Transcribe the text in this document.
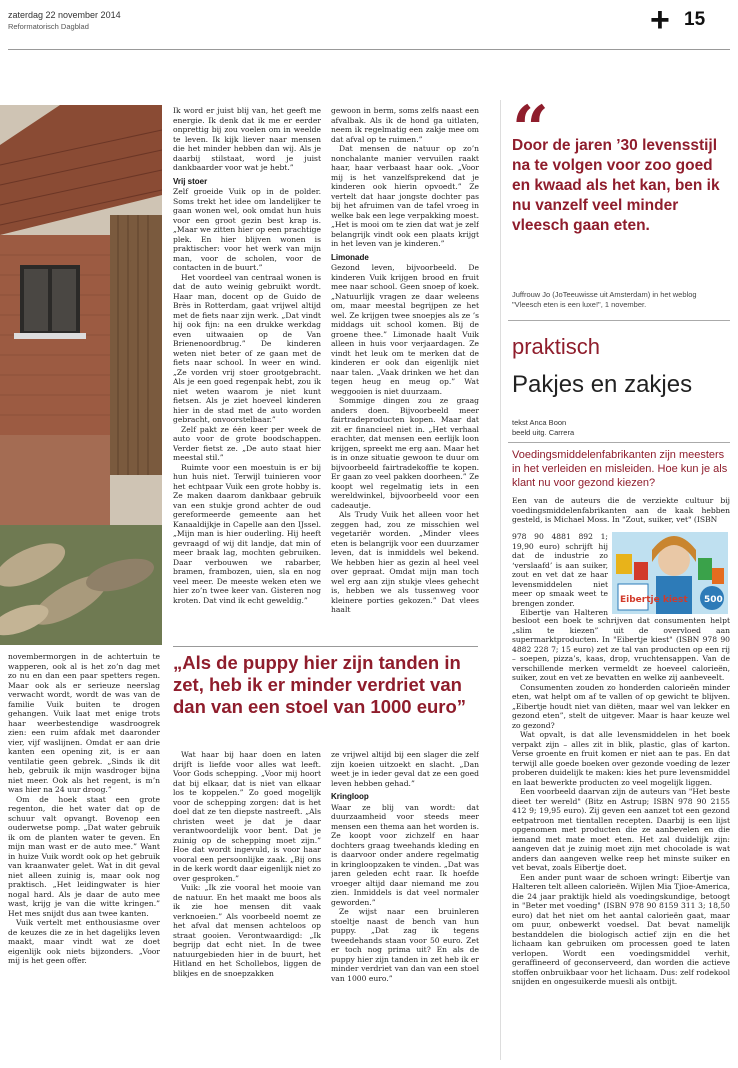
zaterdag 22 november 2014
Reformatorisch Dagblad	+ 15

novembermorgen in de achtertuin te wapperen, ook al is het zo’n dag met zo nu en dan een paar spetters regen. Maar ook als er serieuze neerslag verwacht wordt, wordt de was van de familie Vuik buiten te drogen gehangen. Vuik laat met enige trots haar weerbestendige wasdroogrek zien: een ruim afdak met daaronder vier, vijf waslijnen. Omdat er aan drie kanten een opening zit, is er aan ventilatie geen gebrek. „Sinds ik dit heb, gebruik ik mijn wasdroger bijna niet meer. Ook als het regent, is m’n was hier na 24 uur droog.”

Om de hoek staat een grote regenton, die het water dat op de schuur valt opvangt. Bovenop een ouderwetse pomp. „Dat water gebruik ik om de planten water te geven. En mijn man wast er de auto mee.” Want in huize Vuik wordt ook op het gebruik van kraanwater gelet. Wat in dit geval niet alleen zuinig is, maar ook nog praktisch. „Het leidingwater is hier nogal hard. Als je daar de auto mee wast, krijg je van die witte kringen.” Het mes snijdt dus aan twee kanten.

Vuik vertelt met enthousiasme over de keuzes die ze in het dagelijks leven maakt, maar vindt wat ze doet eigenlijk ook niets bijzonders. „Voor mij is het geen offer.

Ik word er juist blij van, het geeft me energie. Ik denk dat ik me er eerder onprettig bij zou voelen om in weelde te leven. Ik kijk liever naar mensen die het minder hebben dan wij. Als je daarbij stilstaat, word je juist dankbaarder voor wat je hebt.”

Vrij stoer

Zelf groeide Vuik op in de polder. Soms trekt het idee om landelijker te gaan wonen wel, ook omdat hun huis voor een groot gezin best krap is. „Maar we zitten hier op een prachtige plek. En hier blijven wonen is praktischer: voor het werk van mijn man, voor de scholen, voor de contacten in de buurt.”

Het voordeel van centraal wonen is dat de auto weinig gebruikt wordt. Haar man, docent op de Guido de Brès in Rotterdam, gaat vrijwel altijd met de fiets naar zijn werk. „Dat vindt hij ook fijn: na een drukke werkdag even uitwaaien op de Van Brienenoordbrug.” De kinderen weten niet beter of ze gaan met de fiets naar school. In weer en wind. „Ze vorden vrij stoer grootgebracht. Als je een goed regenpak hebt, zou ik niet weten waarom je niet kunt fietsen. Als je ziet hoeveel kinderen hier in de stad met de auto worden gebracht, onvoorstelbaar.”

Zelf pakt ze één keer per week de auto voor de grote boodschappen. Verder fietst ze. „De auto staat hier meestal stil.”

Ruimte voor een moestuin is er bij hun huis niet. Terwijl tuinieren voor het echtpaar Vuik een grote hobby is. Ze maken daarom dankbaar gebruik van een stukje grond achter de oud gereformeerde gemeente aan het Kanaaldijkje in Capelle aan den IJssel. „Mijn man is hier ouderling. Hij heeft gevraagd of wij dit landje, dat min of meer braak lag, mochten gebruiken. Daar verbouwen we rabarber, bramen, frambozen, uien, sla en nog veel meer. De meeste weken eten we hier zo’n twee keer van. Gisteren nog kroten. Dat vind ik echt geweldig.”

gewoon in berm, soms zelfs naast een afvalbak. Als ik de hond ga uitlaten, neem ik regelmatig een zakje mee om dat afval op te ruimen.”

Dat mensen de natuur op zo’n nonchalante manier vervuilen raakt haar, haar verbaast haar ook. „Voor mij is het vanzelfsprekend dat je kinderen ook hierin opvoedt.” Ze vertelt dat haar jongste dochter pas bij het afruimen van de tafel vroeg in welke bak een lege verpakking moest. „Het is mooi om te zien dat wat je zelf belangrijk vindt ook een plaats krijgt in het leven van je kinderen.”

Limonade

Gezond leven, bijvoorbeeld. De kinderen Vuik krijgen brood en fruit mee naar school. Geen snoep of koek. „Natuurlijk vragen ze daar weleens om, maar meestal begrijpen ze het wel. Ze krijgen twee snoepjes als ze ’s middags uit school komen. Bij de groene thee.” Limonade haalt Vuik alleen in huis voor verjaardagen. Ze vindt het leuk om te merken dat de kinderen er ook dan eigenlijk niet naar talen. „Vaak drinken we het dan tegen heug en meug op.” Wat weggooien is niet duurzaam.

Sommige dingen zou ze graag anders doen. Bijvoorbeeld meer fairtradeproducten kopen. Maar dat zit er financieel niet in. „Het verhaal erachter, dat mensen een eerlijk loon krijgen, spreekt me erg aan. Maar het is in onze situatie gewoon te duur om bijvoorbeeld fairtradekoffie te kopen. Er gaan zo veel pakken doorheen.” Ze koopt wel regelmatig iets in een wereldwinkel, bijvoorbeeld voor een cadeautje.

Als Trudy Vuik het alleen voor het zeggen had, zou ze misschien wel vegetariër worden. „Minder vlees eten is belangrijk voor een duurzamer leven, dat is inmiddels wel bekend. We hebben hier as gezin al heel veel over gepraat. Omdat mijn man toch wel erg aan zijn stukje vlees gehecht is, hebben we als tussenweg voor kleinere porties gekozen.” Dat vlees haalt

„Als de puppy hier zijn tanden in zet, heb ik er minder verdriet van dan van een stoel van 1000 euro”

Wat haar bij haar doen en laten drijft is liefde voor alles wat leeft. Voor Gods schepping. „Voor mij hoort dat bij elkaar, dat is niet van elkaar los te koppelen.” Zo goed mogelijk voor de schepping zorgen: dat is het doel dat ze ten diepste nastreeft. „Als christen weet je dat je daar verantwoordelijk voor bent. Dat je zuinig op de schepping moet zijn.” Hoe dat wordt ingevuld, is voor haar vooral een persoonlijke zaak. „Bij ons in de kerk wordt daar eigenlijk niet zo over gesproken.”

Vuik: „Ik zie vooral het mooie van de natuur. En het maakt me boos als ik zie hoe mensen dit vaak verknoeien.” Als voorbeeld noemt ze het afval dat mensen achteloos op straat gooien. Verontwaardigd: „Ik begrijp dat echt niet. In de twee natuurgebieden hier in de buurt, het Hitland en het Schollebos, liggen de blikjes en de snoepzakken

ze vrijwel altijd bij een slager die zelf zijn koeien uitzoekt en slacht. „Dan weet je in ieder geval dat ze een goed leven hebben gehad.”

Kringloop

Waar ze blij van wordt: dat duurzaamheid voor steeds meer mensen een thema aan het worden is. Ze koopt voor zichzelf en haar dochters graag tweehands kleding en is daarvoor onder andere regelmatig in kringloopzaken te vinden. „Dat was jaren geleden echt raar. Ik hoefde vroeger altijd daar niemand me zou zien. Inmiddels is dat veel normaler geworden.”

Ze wijst naar een bruinleren stoeltje naast de bench van hun puppy. „Dat zag ik tegens tweedehands staan voor 50 euro. Zet er toch nog prima uit? En als de puppy hier zijn tanden in zet heb ik er minder verdriet van dan van een stoel van 1000 euro.”

“
Door de jaren ’30 levensstijl na te volgen voor zoo goed en kwaad als het kan, ben ik nu vanzelf veel minder vleesch gaan eten.
Juffrouw Jo (JoTeeuwisse uit Amsterdam) in het weblog "Vleesch eten is een luxe!", 1 november.
praktisch
Pakjes en zakjes
tekst Anca Boon
beeld uitg. Carrera
Voedingsmiddelenfabrikanten zijn meesters in het verleiden en misleiden. Hoe kun je als klant nu voor gezond kiezen?

Een van de auteurs die de verziekte cultuur bij voedingsmiddelenfabrikanten aan de kaak hebben gesteld, is Michael Moss. In "Zout, suiker, vet" (ISBN

978 90 4881 892 1; 19,90 euro) schrijft hij dat de industrie zo ‘verslaafd’ is aan suiker, zout en vet dat ze haar levensmiddelen niet meer op smaak weet te brengen zonder.

Eibertje van Halteren

Eibertje kiest 500

besloot een boek te schrijven dat consumenten helpt „slim te kiezen” uit de overvloed aan supermarktproducten. In "Eibertje kiest" (ISBN 978 90 4882 228 7; 15 euro) zet ze tal van producten op een rij – soepen, pizza’s, kaas, drop, vruchtensappen. Van de verschillende merken vermeldt ze hoeveel calorieën, suiker, zout en vet ze bevatten en welke zij aanbeveelt.

Consumenten zouden zo honderden calorieën minder eten, wat helpt om af te vallen of op gewicht te blijven. „Eibertje houdt niet van diëten, maar wel van lekker en gezond eten”, stelt de uitgever. Maar is haar keuze wel zo gezond?

Wat opvalt, is dat alle levensmiddelen in het boek verpakt zijn – alles zit in blik, plastic, glas of karton. Verse groente en fruit komen er niet aan te pas. En dat terwijl alle goede boeken over gezonde voeding de lezer proberen duidelijk te maken: kies het pure levensmiddel en laat bewerkte producten zo veel mogelijk liggen.

Een voorbeeld daarvan zijn de auteurs van "Het beste dieet ter wereld" (Bitz en Astrup; ISBN 978 90 2155 412 9; 19,95 euro). Zij geven een aanzet tot een gezond eetpatroon met tientallen recepten. Daarbij is een lijst opgenomen met producten die ze aanbevelen en die iemand met mate moet eten. Het zal duidelijk zijn: aangeven dat je zuinig moet zijn met chocolade is wat anders dan aangeven welke reep het minste suiker en vet bevat, zoals Eibertje doet.

Een ander punt waar de schoen wringt: Eibertje van Halteren telt alleen calorieën. Wijlen Mia Tjioe-America, die 24 jaar praktijk hield als voedingskundige, betoogt in "Beter met voeding" (ISBN 978 90 8159 311 3; 18,50 euro) dat het niet om het aantal calorieën gaat, maar om puur, onbewerkt voedsel. Dat bevat namelijk bestanddelen die biologisch actief zijn en die het lichaam kan gebruiken om processen goed te laten verlopen. Wordt een voedingsmiddel verhit, geraffineerd of geconserveerd, dan worden die actieve stoffen onbruikbaar voor het lichaam. Dus: zelf rodekool snijden en ongesuikerde muesli als ontbijt.
